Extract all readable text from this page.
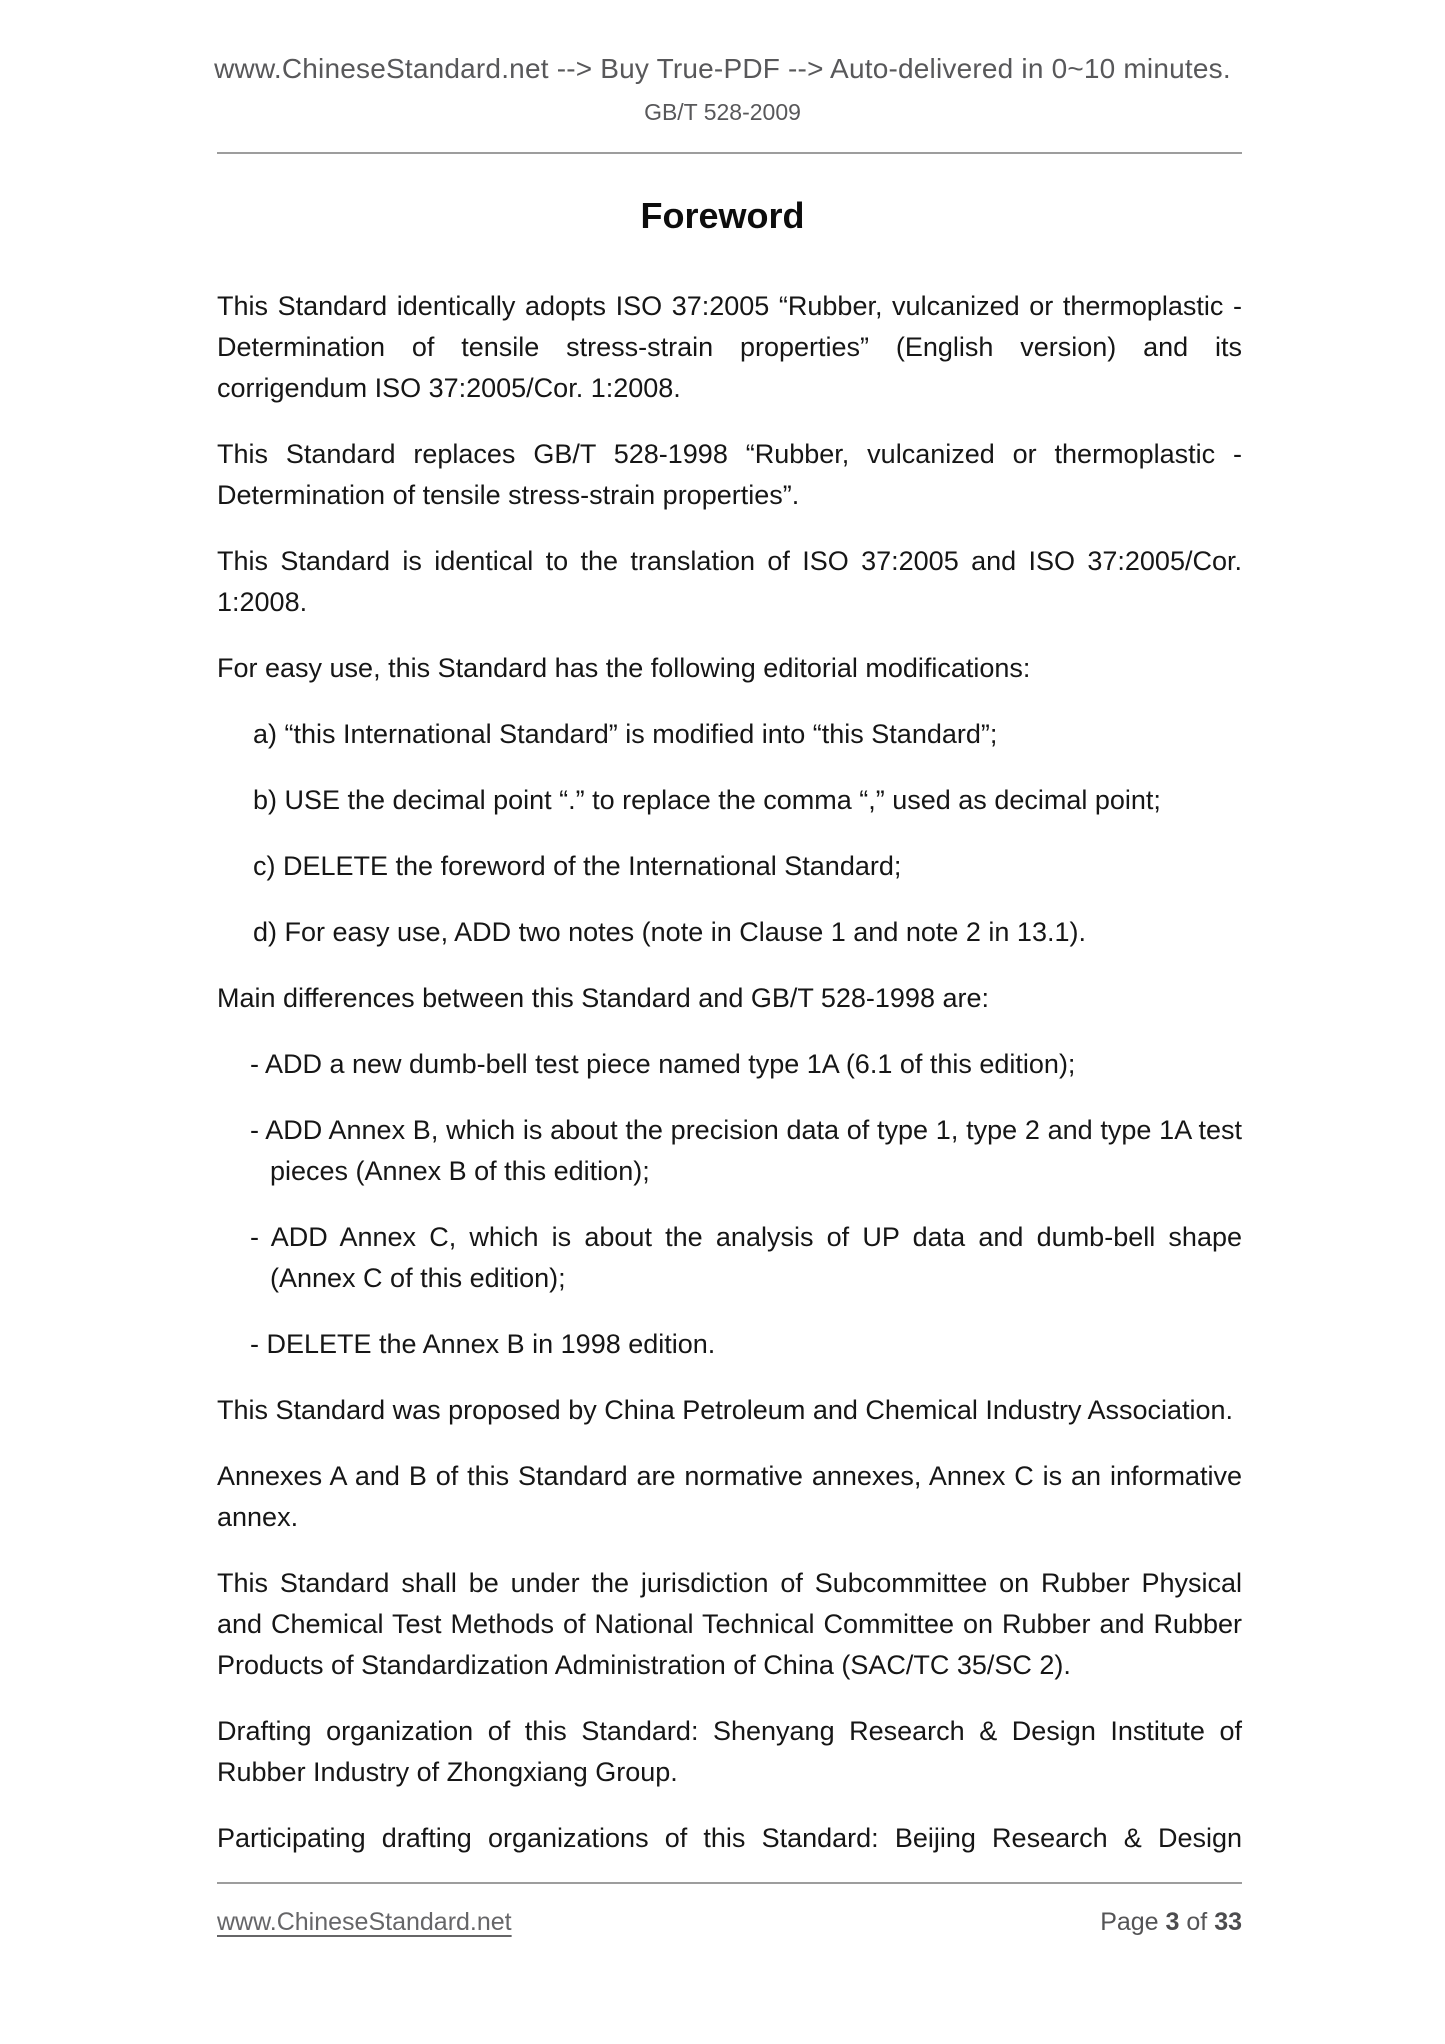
www.ChineseStandard.net --> Buy True-PDF --> Auto-delivered in 0~10 minutes.
GB/T 528-2009
Foreword
This Standard identically adopts ISO 37:2005 “Rubber, vulcanized or thermoplastic - Determination of tensile stress-strain properties” (English version) and its corrigendum ISO 37:2005/Cor. 1:2008.
This Standard replaces GB/T 528-1998 “Rubber, vulcanized or thermoplastic - Determination of tensile stress-strain properties”.
This Standard is identical to the translation of ISO 37:2005 and ISO 37:2005/Cor. 1:2008.
For easy use, this Standard has the following editorial modifications:
a) “this International Standard” is modified into “this Standard”;
b) USE the decimal point “.” to replace the comma “,” used as decimal point;
c) DELETE the foreword of the International Standard;
d) For easy use, ADD two notes (note in Clause 1 and note 2 in 13.1).
Main differences between this Standard and GB/T 528-1998 are:
- ADD a new dumb-bell test piece named type 1A (6.1 of this edition);
- ADD Annex B, which is about the precision data of type 1, type 2 and type 1A test pieces (Annex B of this edition);
- ADD Annex C, which is about the analysis of UP data and dumb-bell shape (Annex C of this edition);
- DELETE the Annex B in 1998 edition.
This Standard was proposed by China Petroleum and Chemical Industry Association.
Annexes A and B of this Standard are normative annexes, Annex C is an informative annex.
This Standard shall be under the jurisdiction of Subcommittee on Rubber Physical and Chemical Test Methods of National Technical Committee on Rubber and Rubber Products of Standardization Administration of China (SAC/TC 35/SC 2).
Drafting organization of this Standard: Shenyang Research & Design Institute of Rubber Industry of Zhongxiang Group.
Participating drafting organizations of this Standard: Beijing Research & Design
www.ChineseStandard.net	Page 3 of 33
